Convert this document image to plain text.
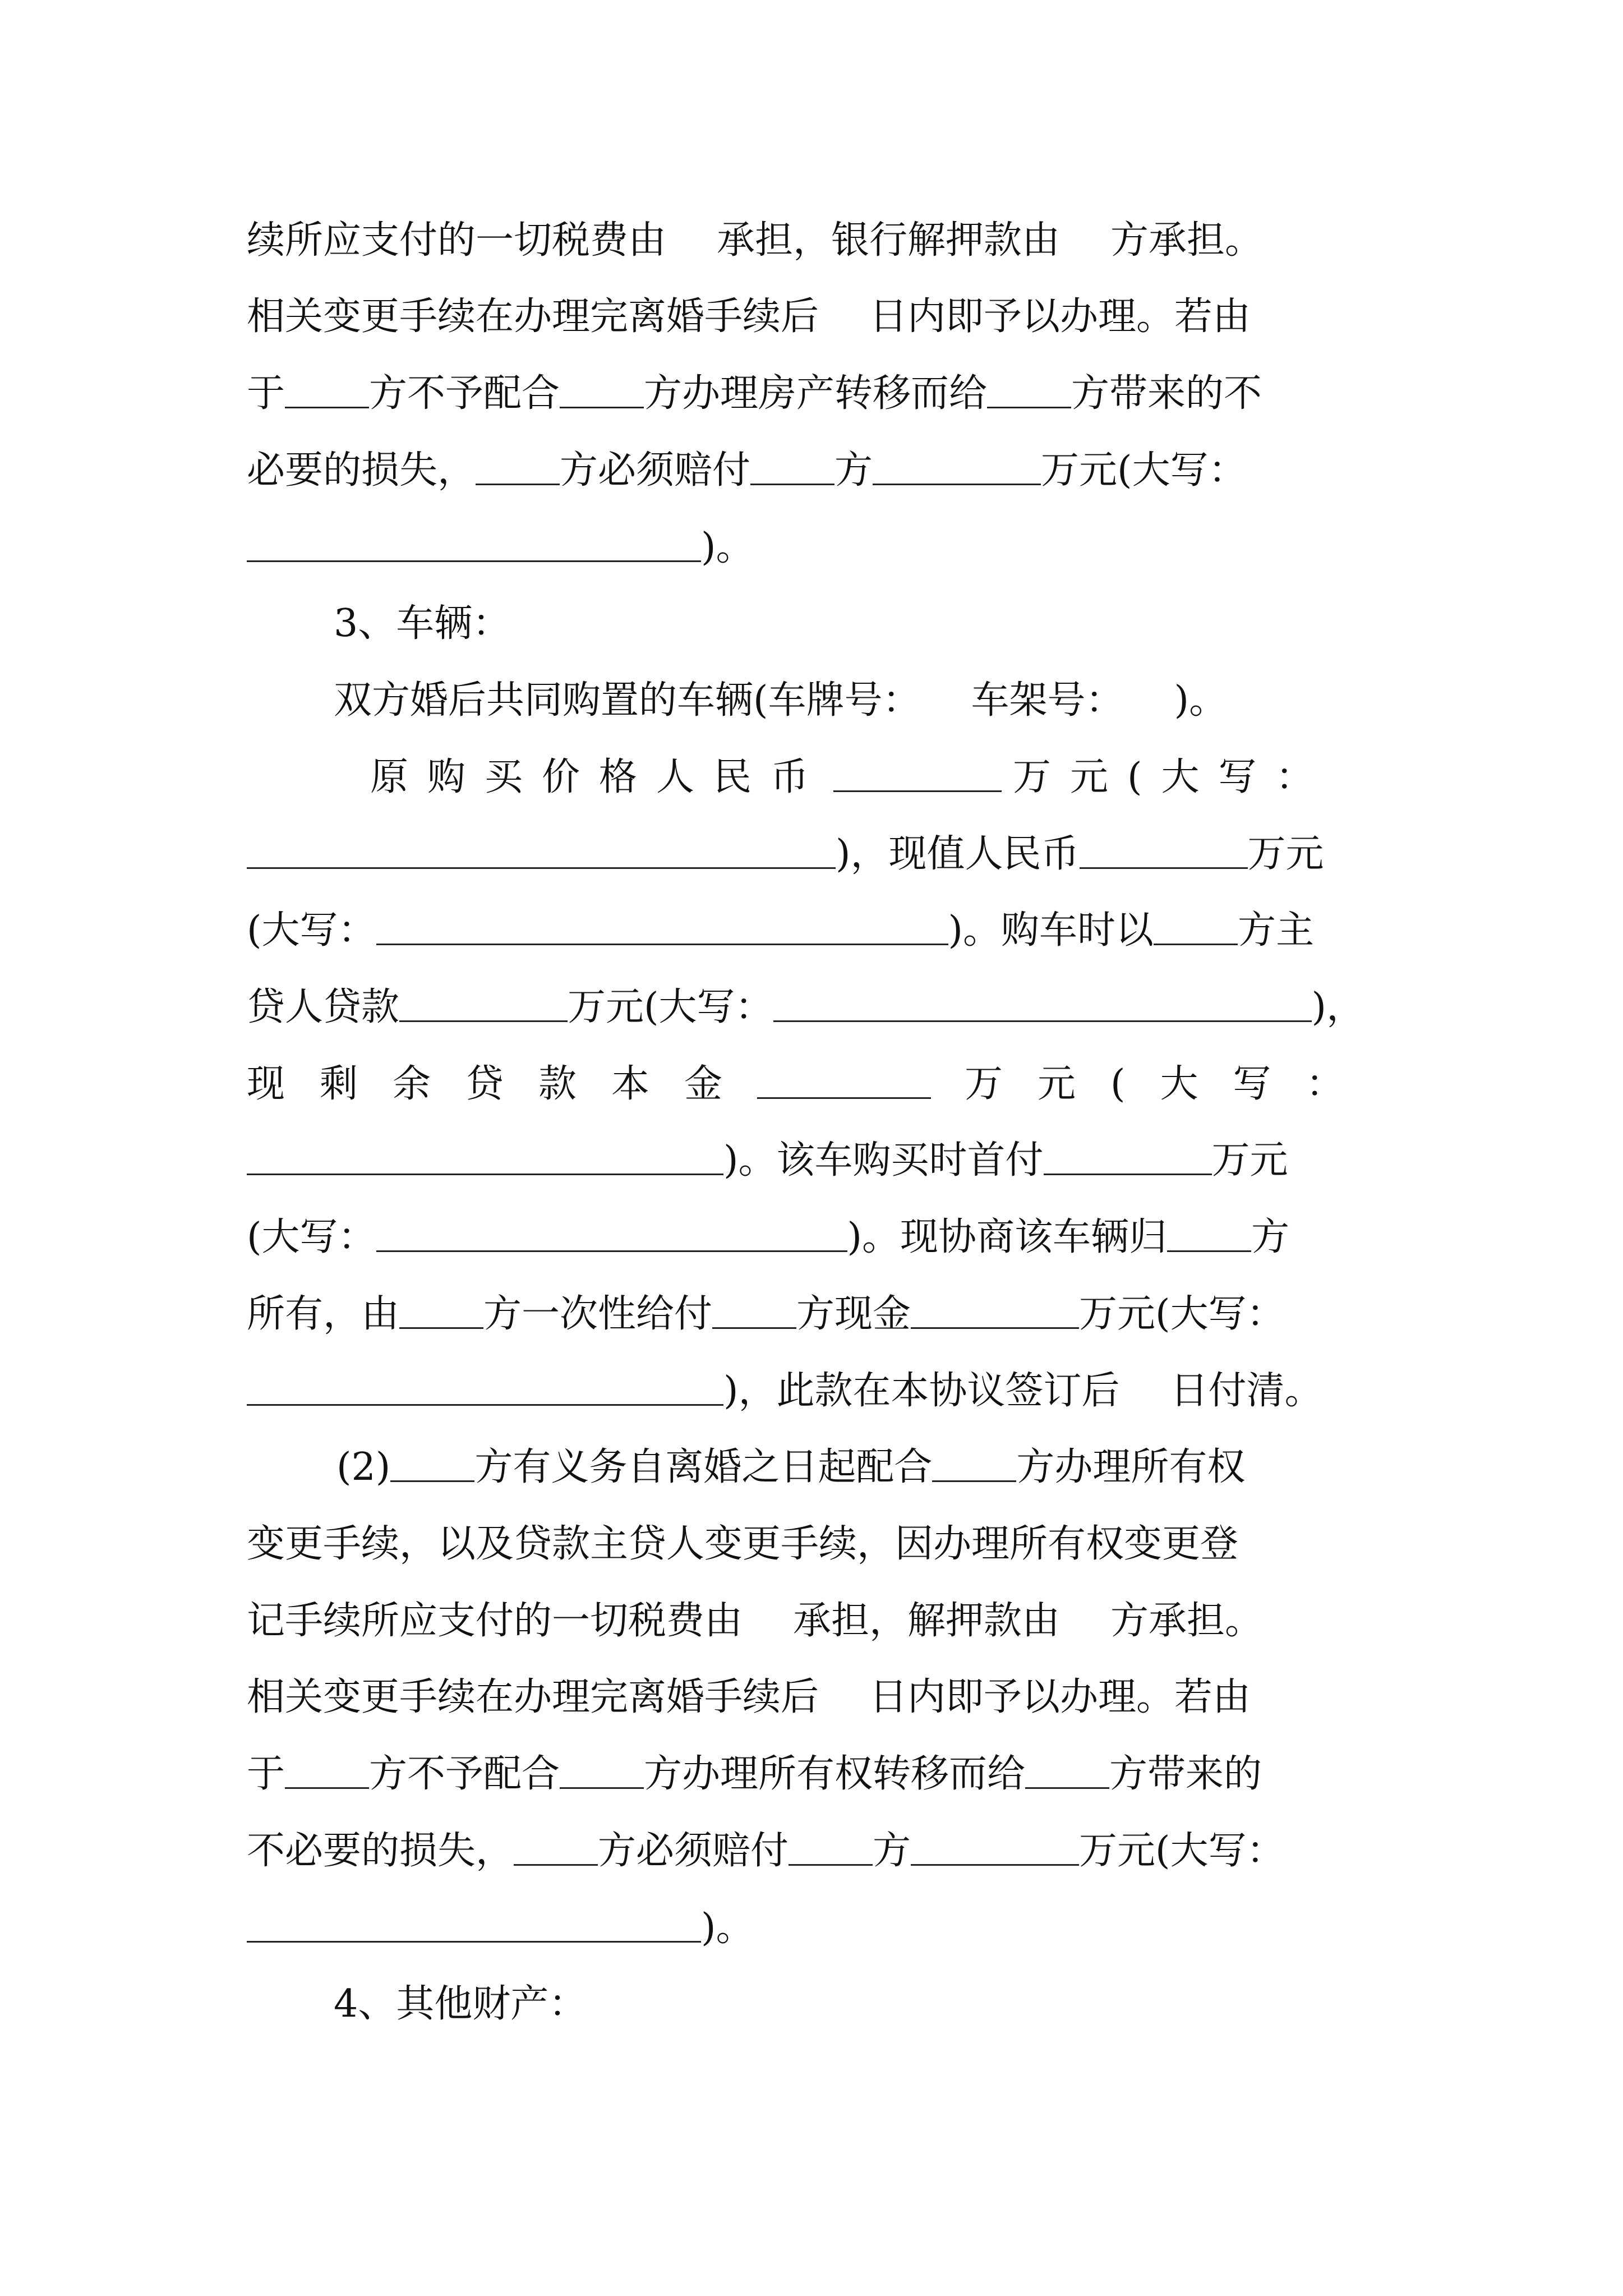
续所应支付的一切税费由 承担，银行解押款由 方承担。
相关变更手续在办理完离婚手续后 日内即予以办理。若由
于 方不予配合 方办理房产转移而给 方带来的不
必要的损失， 方必须赔付 方	万元(大写：
)。
3、车辆：
双方婚后共同购置的车辆(车牌号： 车架号： )。
原购买价格人民币	万元(大写：
)，现值人民币	万元
(大写：	)。购车时以 方主
贷人贷款	万元(大写：	)，
现剩余贷款本金	万元(大写：
)。该车购买时首付	万元
(大写：	)。现协商该车辆归 方
所有，由 方一次性给付 方现金	万元(大写：
)，此款在本协议签订后 日付清。
(2) 方有义务自离婚之日起配合 方办理所有权
变更手续，以及贷款主贷人变更手续，因办理所有权变更登
记手续所应支付的一切税费由 承担，解押款由 方承担。
相关变更手续在办理完离婚手续后 日内即予以办理。若由
于 方不予配合 方办理所有权转移而给 方带来的
不必要的损失， 方必须赔付 方	万元(大写：
)。
4、其他财产：
